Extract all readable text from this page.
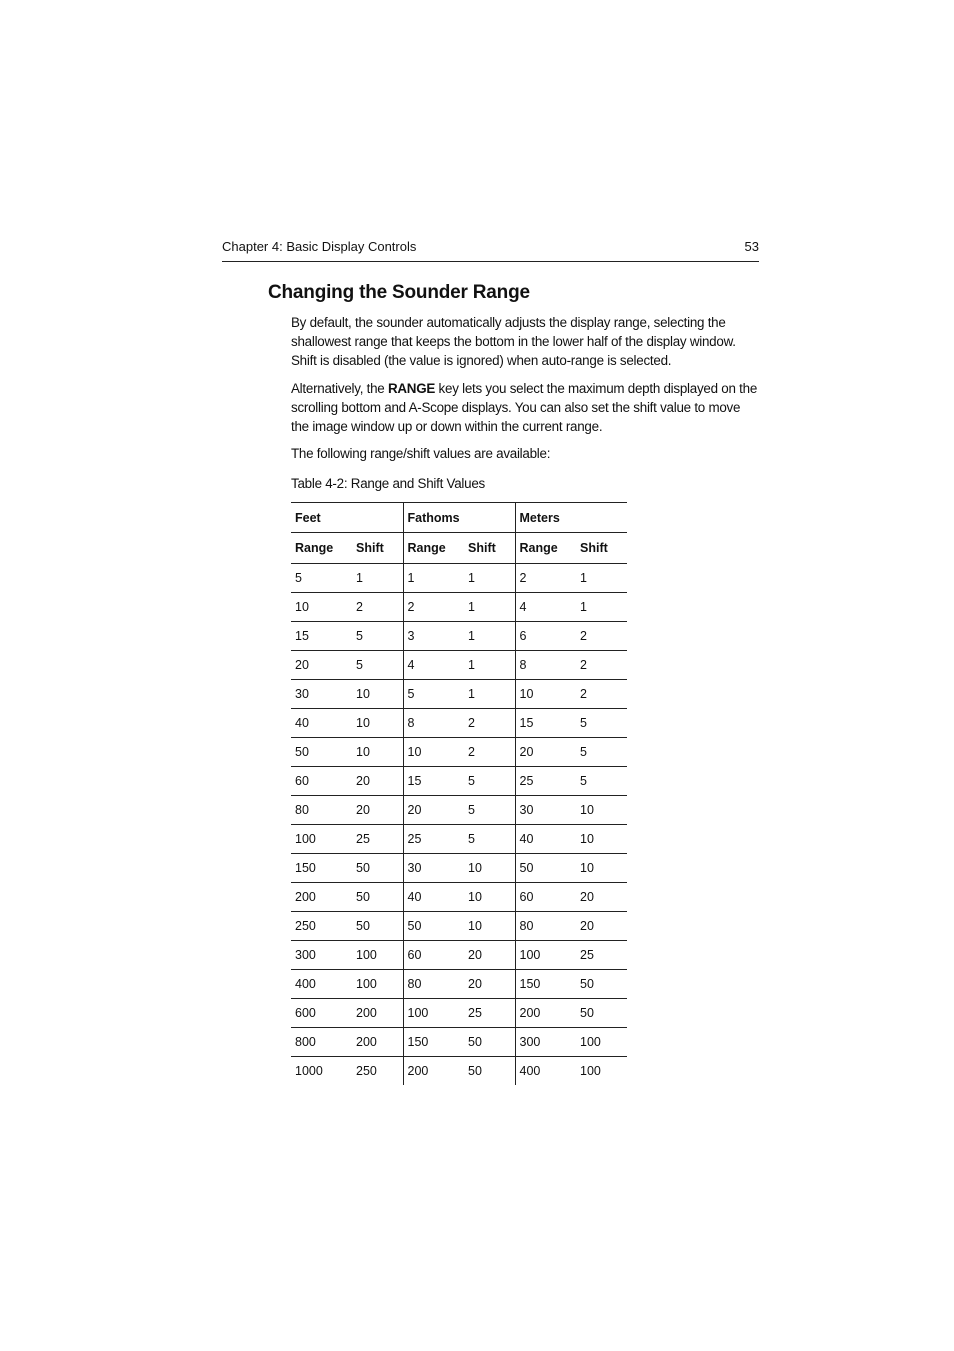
Chapter 4: Basic Display Controls	53
Changing the Sounder Range

By default, the sounder automatically adjusts the display range, selecting the shallowest range that keeps the bottom in the lower half of the display window. Shift is disabled (the value is ignored) when auto-range is selected.

Alternatively, the RANGE key lets you select the maximum depth displayed on the scrolling bottom and A-Scope displays. You can also set the shift value to move the image window up or down within the current range.

The following range/shift values are available:

Table 4-2: Range and Shift Values
Feet		Fathoms		Meters	
Range	Shift	Range	Shift	Range	Shift
5	1	1	1	2	1
10	2	2	1	4	1
15	5	3	1	6	2
20	5	4	1	8	2
30	10	5	1	10	2
40	10	8	2	15	5
50	10	10	2	20	5
60	20	15	5	25	5
80	20	20	5	30	10
100	25	25	5	40	10
150	50	30	10	50	10
200	50	40	10	60	20
250	50	50	10	80	20
300	100	60	20	100	25
400	100	80	20	150	50
600	200	100	25	200	50
800	200	150	50	300	100
1000	250	200	50	400	100
